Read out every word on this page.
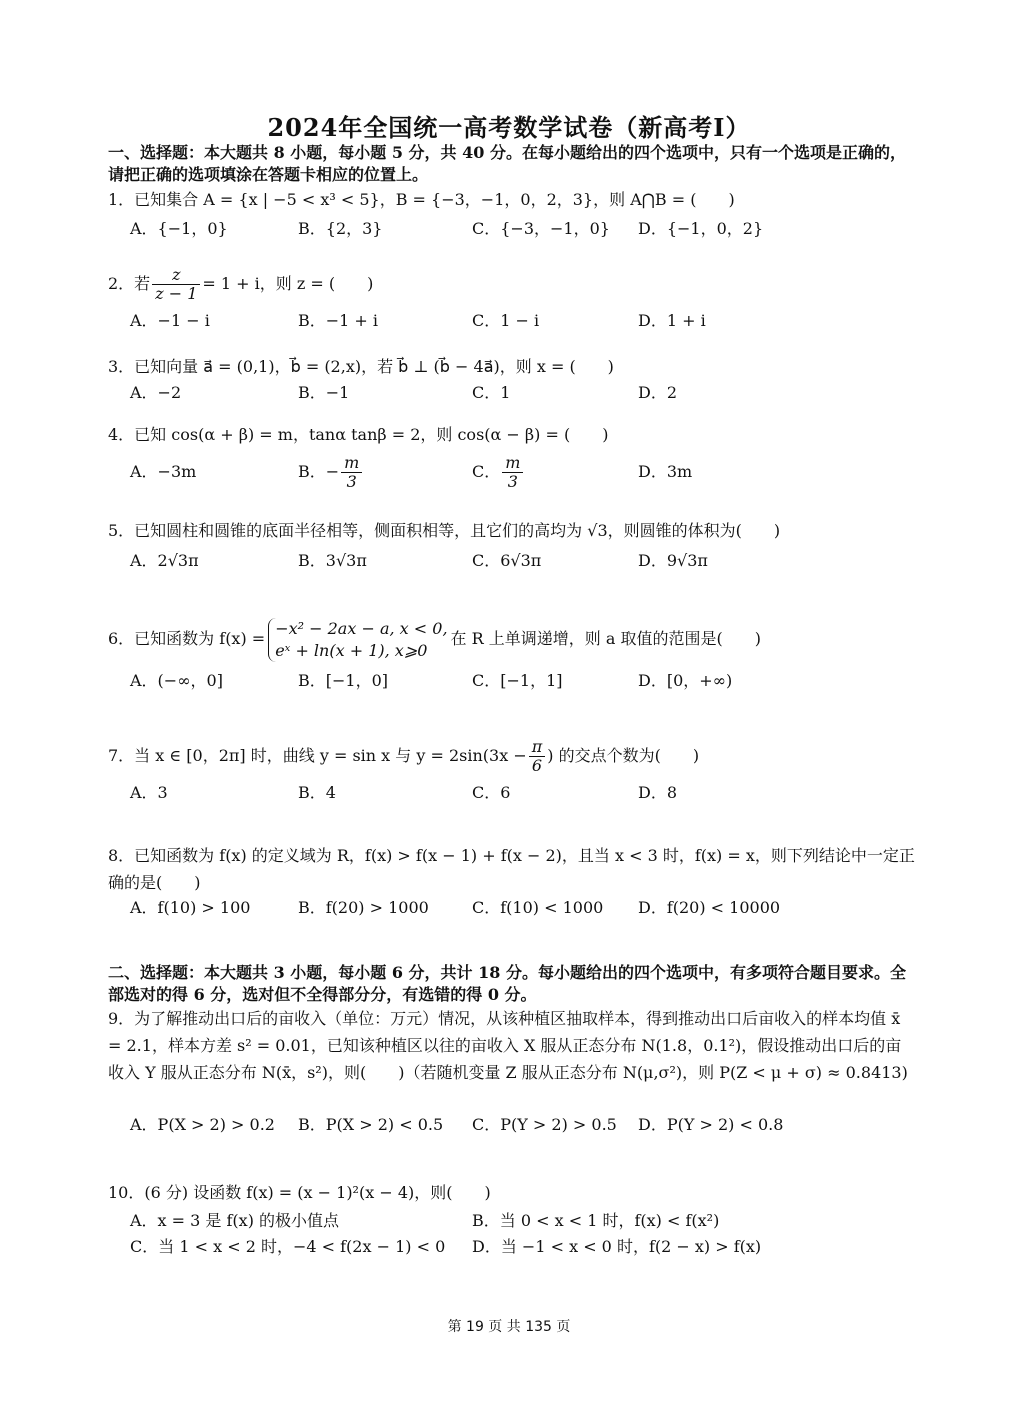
2024年全国统一高考数学试卷（新高考Ⅰ）
一、选择题：本大题共 8 小题，每小题 5 分，共 40 分。在每小题给出的四个选项中，只有一个选项是正确的，请把正确的选项填涂在答题卡相应的位置上。
1．已知集合 A = {x | −5 < x³ < 5}，B = {−3，−1，0，2，3}，则 A⋂B = (　　)
A．{−1，0}	B．{2，3}	C．{−3，−1，0} D．{−1，0，2}
2．若 $\frac{z}{z - 1} = 1 + i$，则 z = (　　)
A．−1 − i	B．−1 + i	C．1 − i	D．1 + i
3．已知向量 a⃗ = (0,1)，b⃗ = (2,x)，若 b⃗ ⊥ (b⃗ − 4a⃗)，则 x = (　　)
A．−2	B．−1	C．1	D．2
4．已知 cos(α + β) = m，tanα tanβ = 2，则 cos(α − β) = (　　)
A．−3m	B．− $\frac{m}{3}$	C． $\frac{m}{3}$	D．3m
5．已知圆柱和圆锥的底面半径相等，侧面积相等，且它们的高均为 √3，则圆锥的体积为(　　)
A．2√3π	B．3√3π	C．6√3π	D．9√3π
6．已知函数为 f(x) =
−x² − 2ax − a, x < 0,
eˣ + ln(x + 1), x⩾0
在 R 上单调递增，则 a 取值的范围是(　　)
A．(−∞，0]	B．[−1，0]	C．[−1，1]	D．[0，+∞)
7．当 x ∈ [0，2π] 时，曲线 y = sin x 与 $y = 2\sin(3x - \frac{\pi}{6}$ ) 的交点个数为(　　)
A．3	B．4	C．6	D．8
8．已知函数为 f(x) 的定义域为 R，f(x) > f(x − 1) + f(x − 2)，且当 x < 3 时，f(x) = x，则下列结论中一定正确的是(　　)
A．f(10) > 100	B．f(20) > 1000	C．f(10) < 1000 D．f(20) < 10000
二、选择题：本大题共 3 小题，每小题 6 分，共计 18 分。每小题给出的四个选项中，有多项符合题目要求。全部选对的得 6 分，选对但不全得部分分，有选错的得 0 分。
9．为了解推动出口后的亩收入（单位：万元）情况，从该种植区抽取样本，得到推动出口后亩收入的样本均值 x̄ = 2.1，样本方差 s² = 0.01，已知该种植区以往的亩收入 X 服从正态分布 N(1.8，0.1²)，假设推动出口后的亩收入 Y 服从正态分布 N(x̄，s²)，则(　　)（若随机变量 Z 服从正态分布 N(μ,σ²)，则 P(Z < μ + σ) ≈ 0.8413)
A．P(X > 2) > 0.2 B．P(X > 2) < 0.5 C．P(Y > 2) > 0.5 D．P(Y > 2) < 0.8
10．(6 分) 设函数 f(x) = (x − 1)²(x − 4)，则(　　)
A．x = 3 是 f(x) 的极小值点	B．当 0 < x < 1 时，f(x) < f(x²)
C．当 1 < x < 2 时，−4 < f(2x − 1) < 0 D．当 −1 < x < 0 时，f(2 − x) > f(x)
第 19 页 共 135 页
